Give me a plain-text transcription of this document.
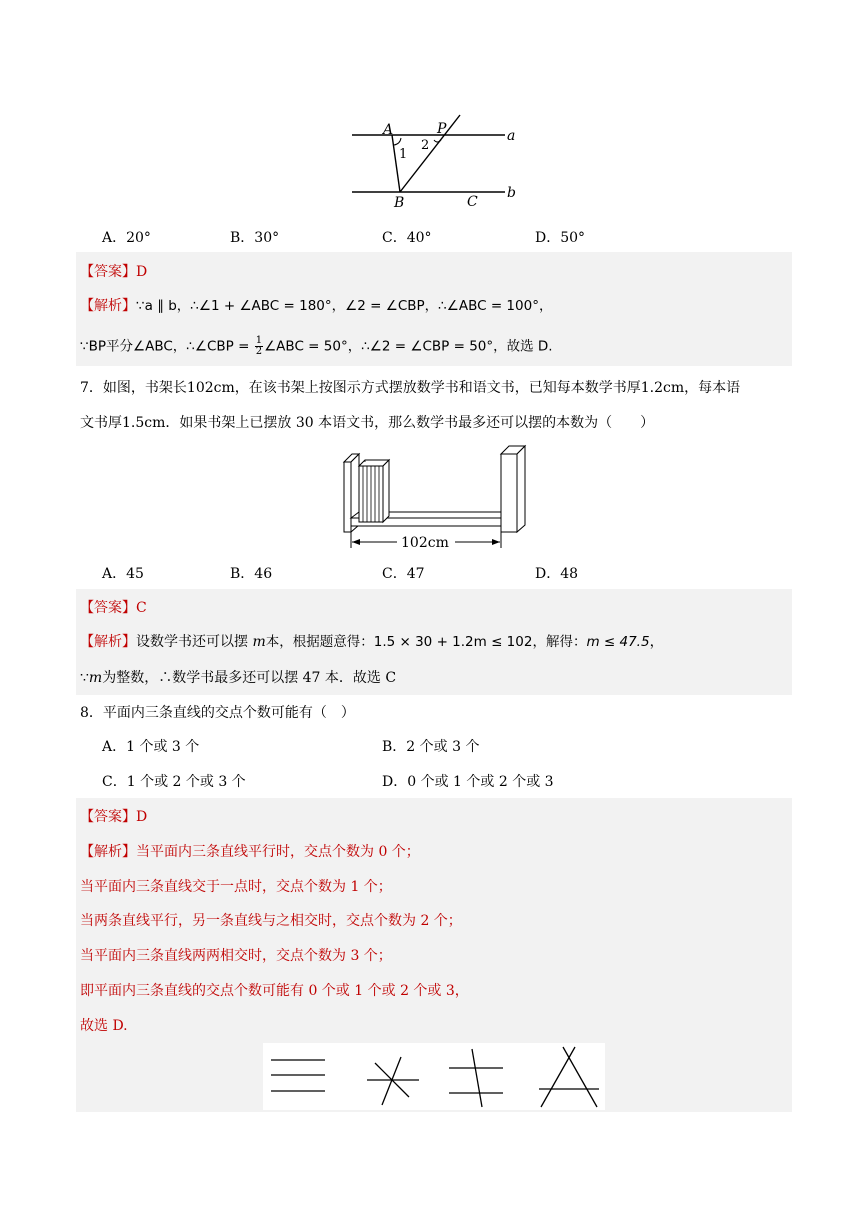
A	P
1
2
a
b
B	C
A．20°	B．30°	C．40°	D．50°
【答案】D
【解析】∵a ∥ b，∴∠1 + ∠ABC = 180°，∠2 = ∠CBP，∴∠ABC = 100°，
∵BP平分∠ABC，∴∠CBP = $\frac{1}{2}$ ∠ABC = 50°，∴∠2 = ∠CBP = 50°，故选 D.
7．如图，书架长102cm，在该书架上按图示方式摆放数学书和语文书，已知每本数学书厚1.2cm，每本语
文书厚1.5cm．如果书架上已摆放 30 本语文书，那么数学书最多还可以摆的本数为（　　）
102cm
A．45	B．46	C．47	D．48
【答案】C
【解析】设数学书还可以摆 m本，根据题意得：1.5 × 30 + 1.2m ≤ 102，解得：m ≤ 47.5，
∵m为整数，∴数学书最多还可以摆 47 本．故选 C
8．平面内三条直线的交点个数可能有（　）
A．1 个或 3 个	B．2 个或 3 个
C．1 个或 2 个或 3 个	D．0 个或 1 个或 2 个或 3
【答案】D
【解析】当平面内三条直线平行时，交点个数为 0 个；
当平面内三条直线交于一点时，交点个数为 1 个；
当两条直线平行，另一条直线与之相交时，交点个数为 2 个；
当平面内三条直线两两相交时，交点个数为 3 个；
即平面内三条直线的交点个数可能有 0 个或 1 个或 2 个或 3，
故选 D.
